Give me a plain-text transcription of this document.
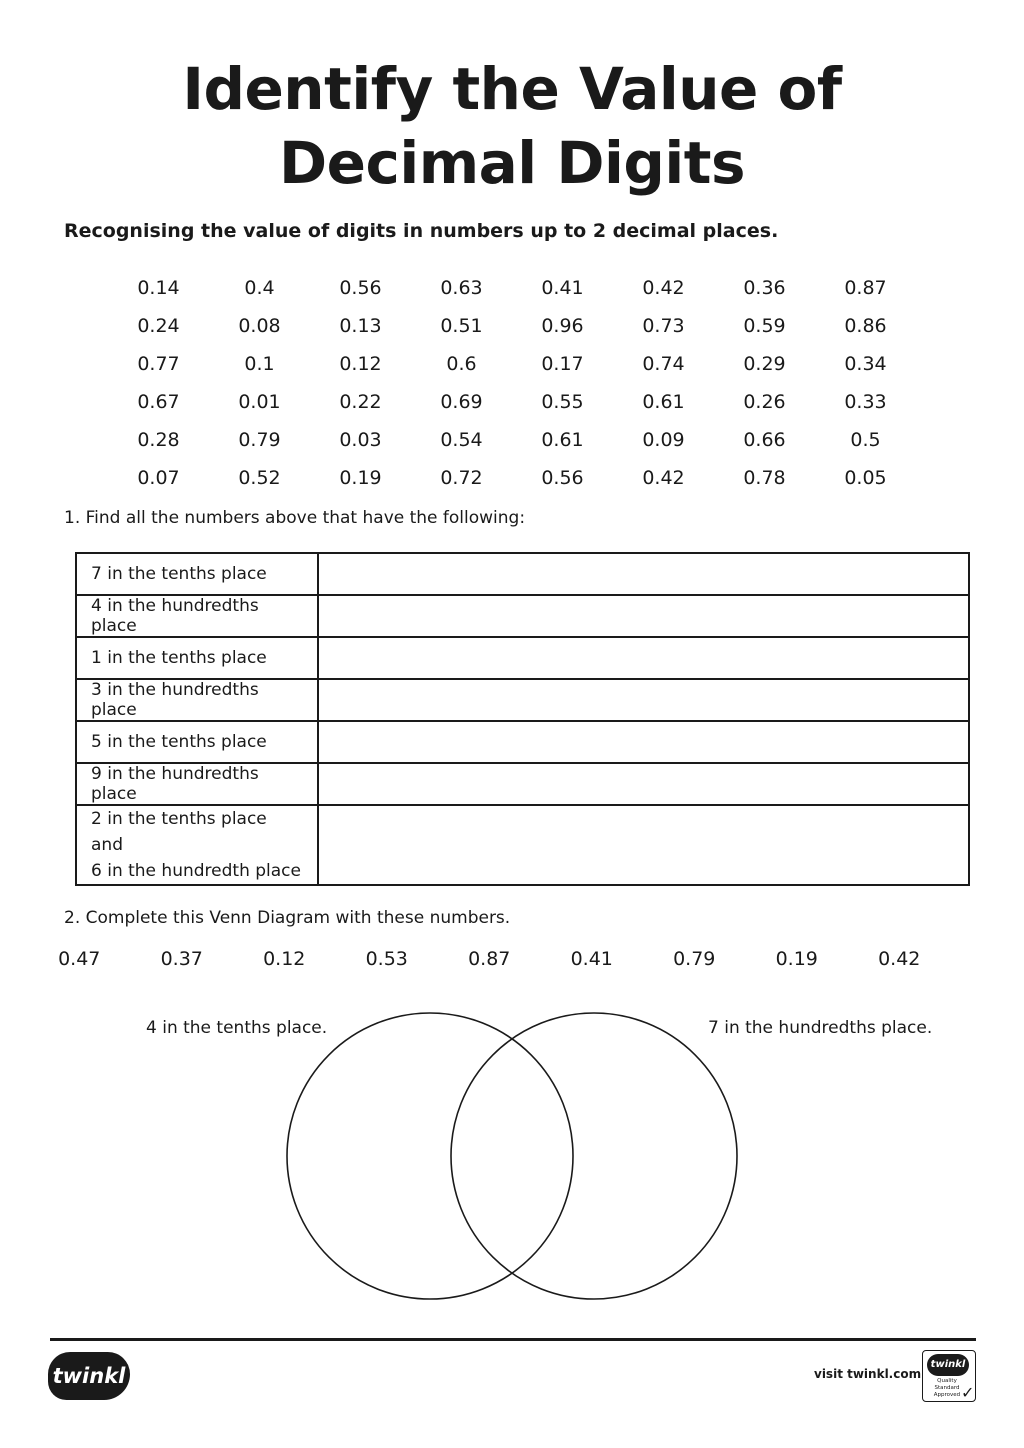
Identify the Value of
Decimal Digits
Recognising the value of digits in numbers up to 2 decimal places.
0.14	0.4	0.56	0.63	0.41	0.42	0.36	0.87
0.24	0.08	0.13	0.51	0.96	0.73	0.59	0.86
0.77	0.1	0.12	0.6	0.17	0.74	0.29	0.34
0.67	0.01	0.22	0.69	0.55	0.61	0.26	0.33
0.28	0.79	0.03	0.54	0.61	0.09	0.66	0.5
0.07	0.52	0.19	0.72	0.56	0.42	0.78	0.05
1. Find all the numbers above that have the following:
7 in the tenths place	
4 in the hundredths place	
1 in the tenths place	
3 in the hundredths place	
5 in the tenths place	
9 in the hundredths place	

2 in the tenths place and
6 in the hundredth place	

2. Complete this Venn Diagram with these numbers.
0.47	0.37	0.12	0.53	0.87	0.41	0.79	0.19	0.42
4 in the tenths place.	7 in the hundredths place.
twinkl	visit twinkl.com
twinkl
Quality Standard Approved ✓
